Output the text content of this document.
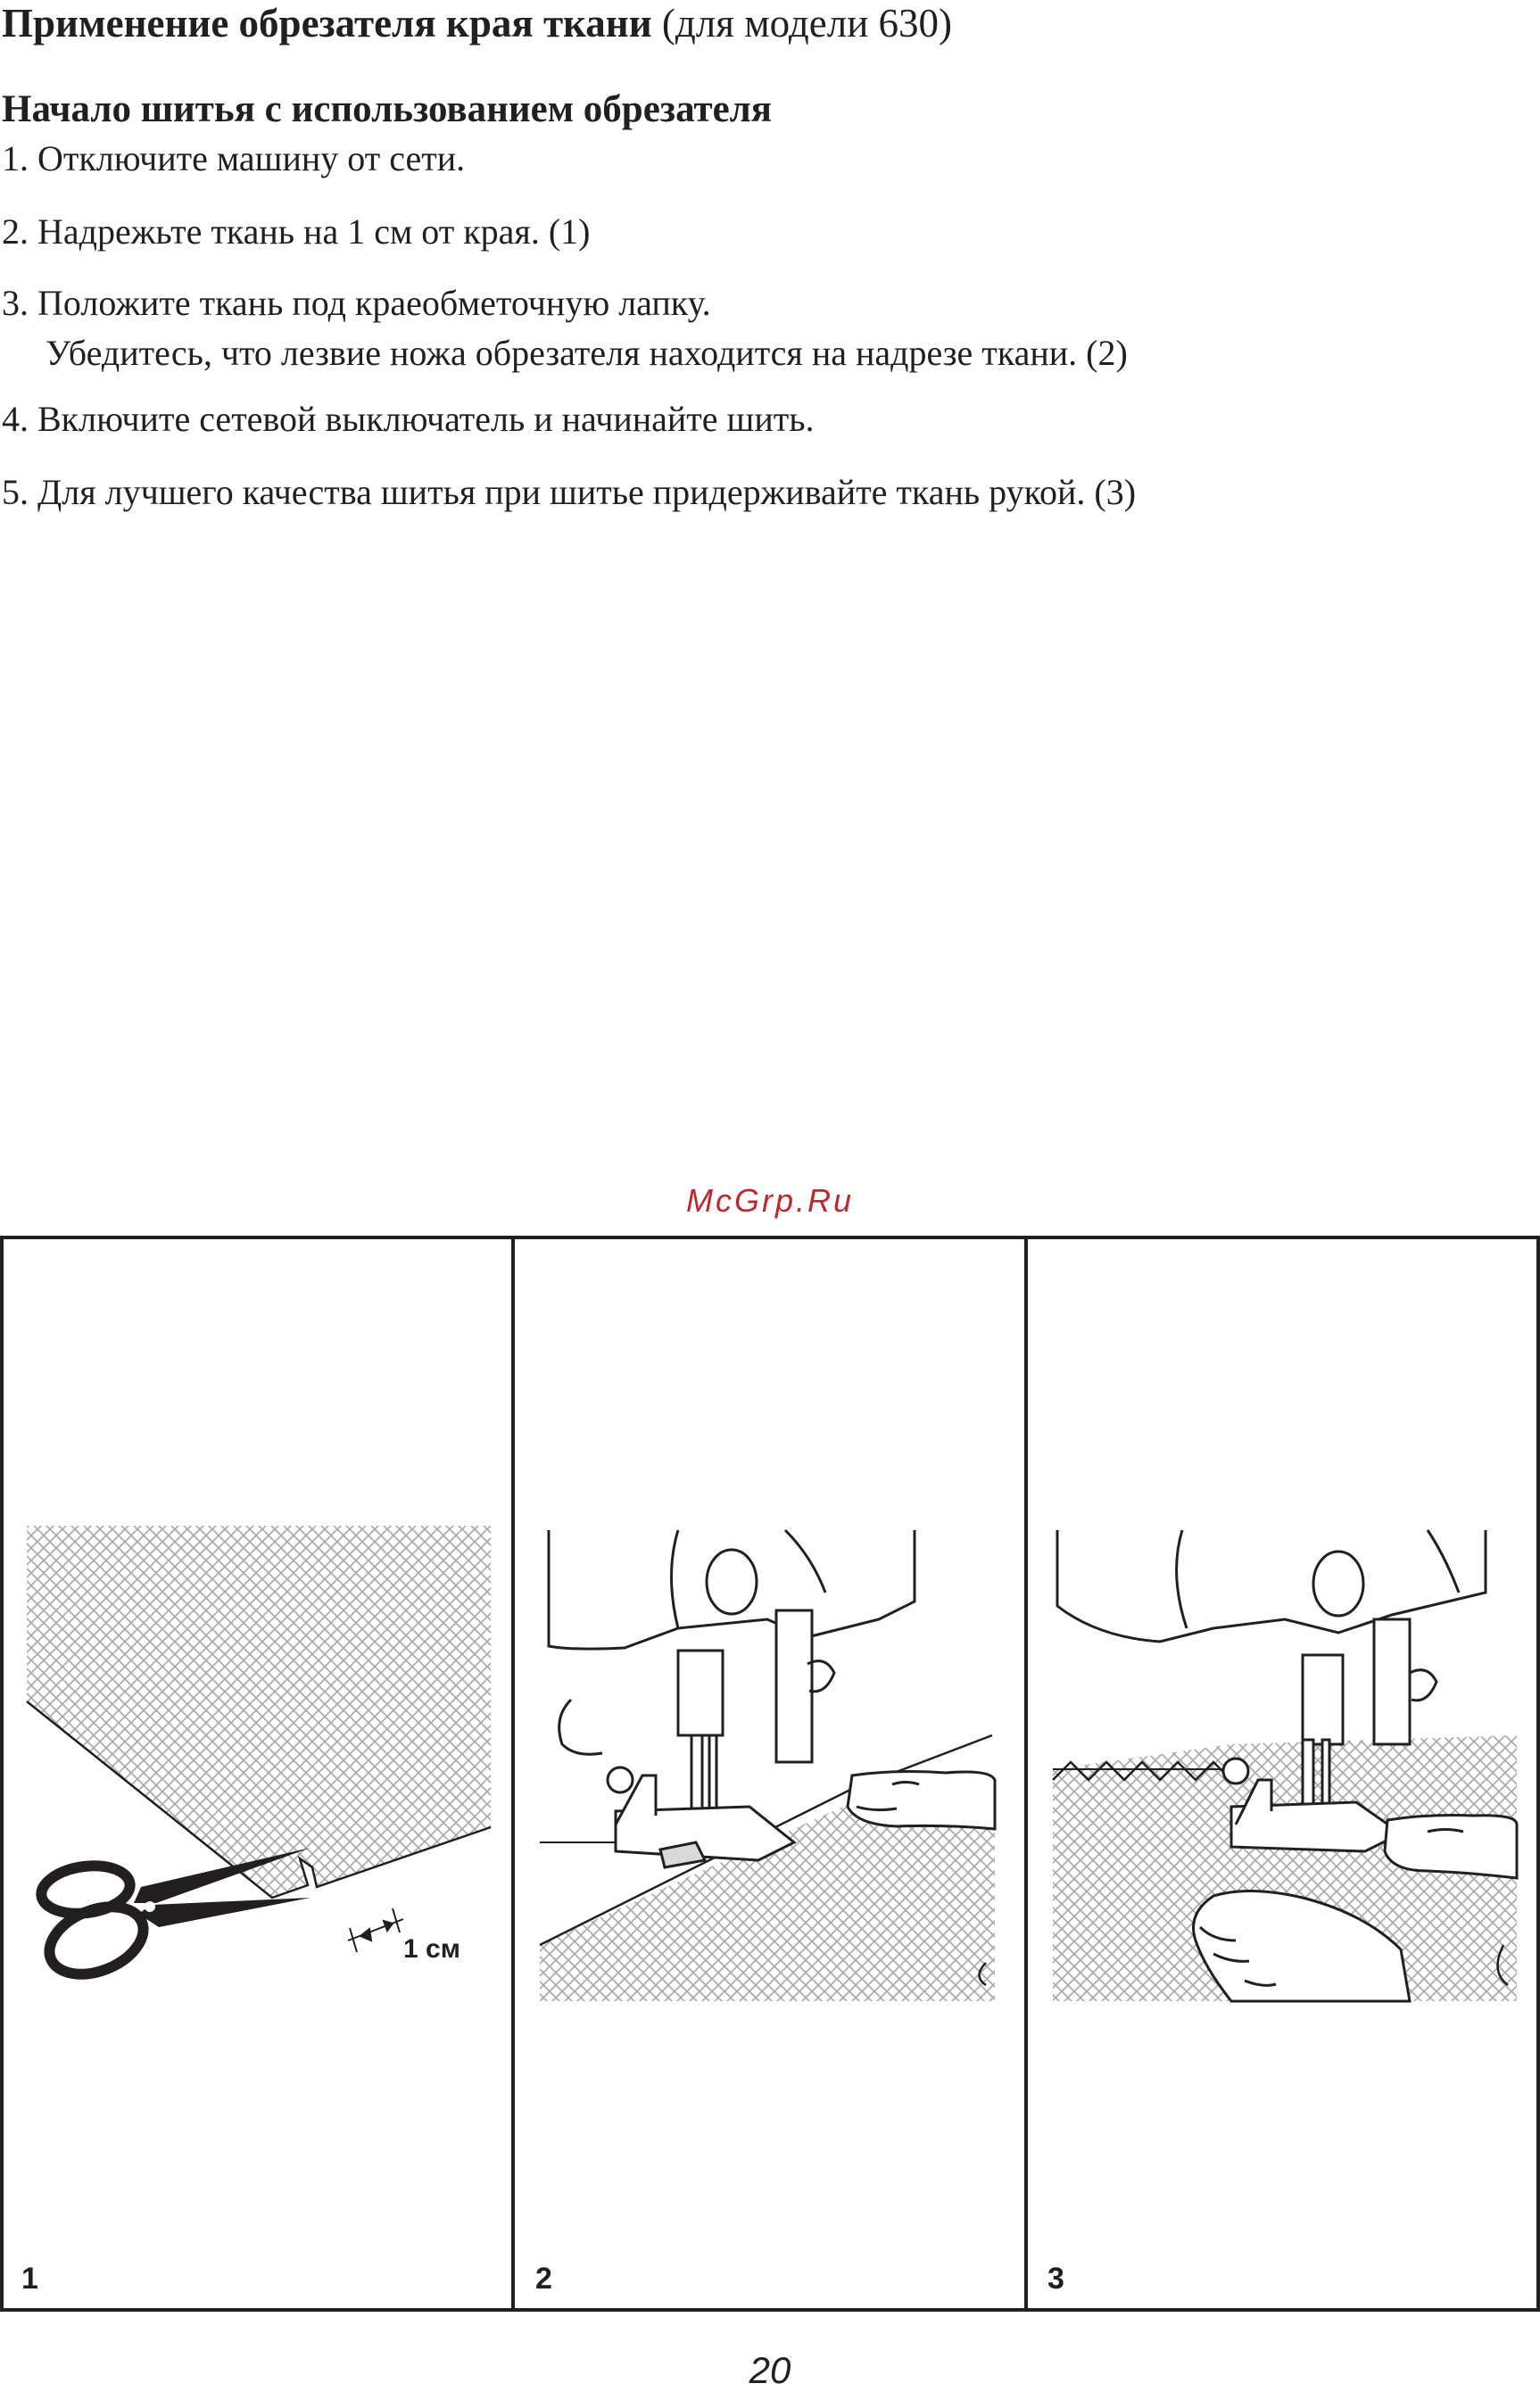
Применение обрезателя края ткани (для модели 630)
Начало шитья с использованием обрезателя
1. Отключите машину от сети.
2. Надрежьте ткань на 1 см от края. (1)
3. Положите ткань под краеобметочную лапку.
Убедитесь, что лезвие ножа обрезателя находится на надрезе ткани. (2)
4. Включите сетевой выключатель и начинайте шить.
5. Для лучшего качества шитья при шитье придерживайте ткань рукой. (3)
McGrp.Ru
1 см
1	2	3
20
